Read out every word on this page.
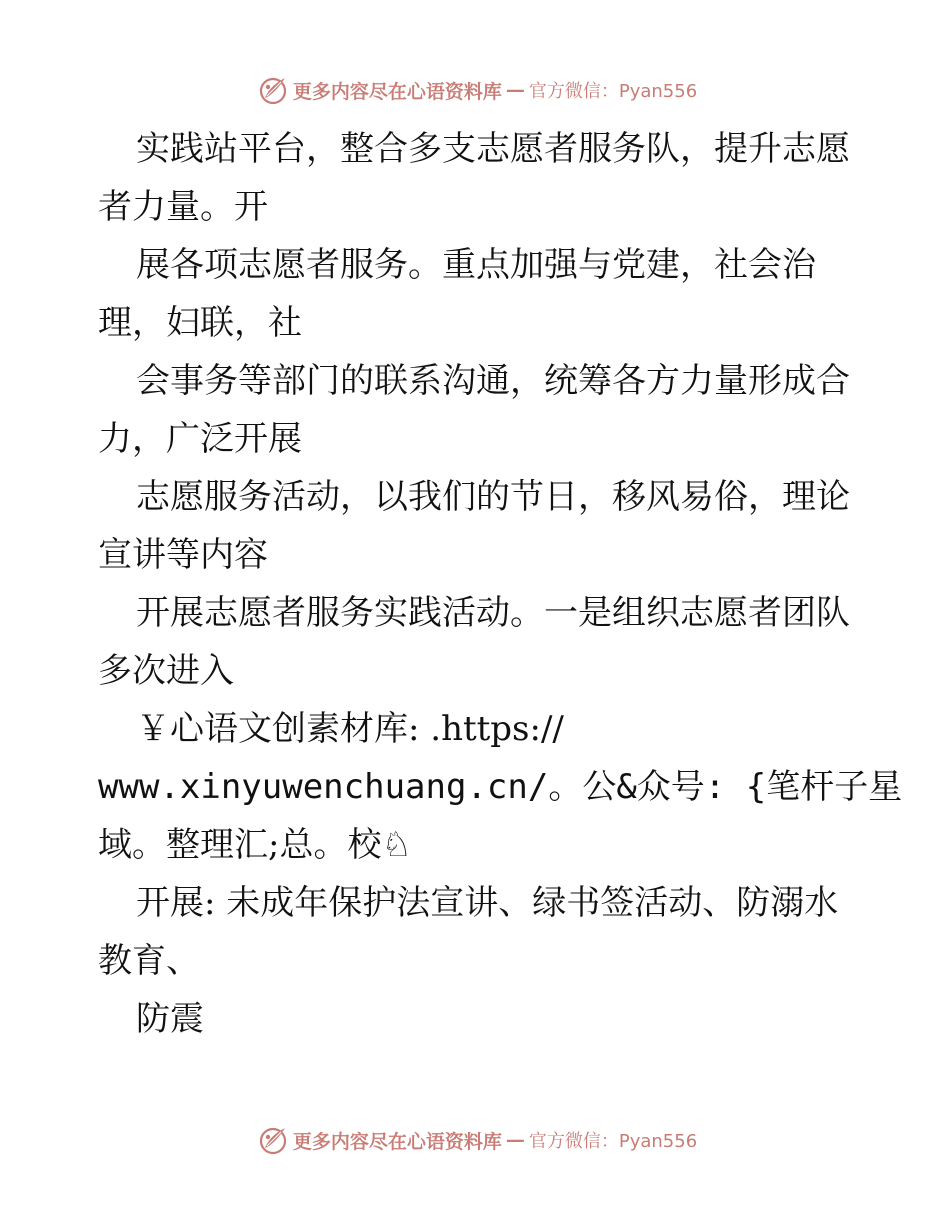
更多内容尽在心语资料库 — 官方微信：Pyan556
实践站平台，整合多支志愿者服务队，提升志愿
者力量。开
展各项志愿者服务。重点加强与党建，社会治
理，妇联，社
会事务等部门的联系沟通，统筹各方力量形成合
力，广泛开展
志愿服务活动，以我们的节日，移风易俗，理论
宣讲等内容
开展志愿者服务实践活动。一是组织志愿者团队
多次进入
￥心语文创素材库: .https://
www.xinyuwenchuang.cn/。公&众号: {笔杆子星
域。整理汇;总。校♘
开展: 未成年保护法宣讲、绿书签活动、防溺水
教育、
防震
更多内容尽在心语资料库 — 官方微信：Pyan556
